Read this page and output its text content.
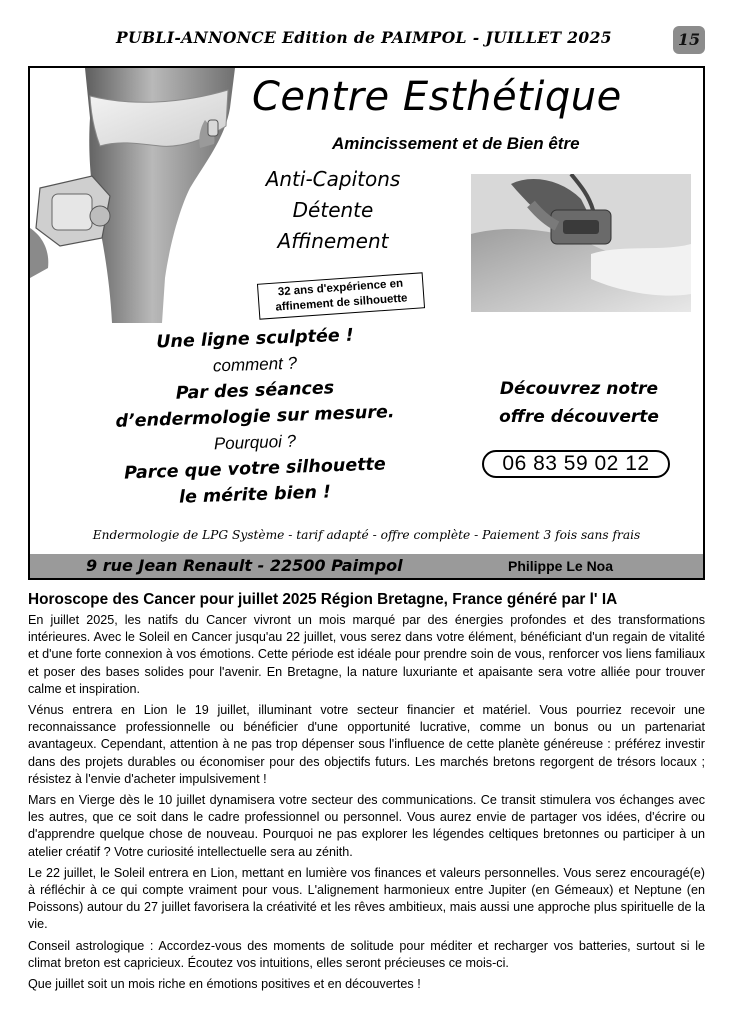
PUBLI-ANNONCE Edition de PAIMPOL - JUILLET 2025	15
Centre Esthétique
Amincissement et de Bien être
Anti-Capitons
Détente
Affinement
32 ans d'expérience en
affinement de silhouette
Une ligne sculptée !
comment ?
Par des séances
d’endermologie sur mesure.
Pourquoi ?
Parce que votre silhouette
le mérite bien !
Découvrez notre
offre découverte
06 83 59 02 12
Endermologie de LPG Système - tarif adapté - offre complète - Paiement 3 fois sans frais
9 rue Jean Renault - 22500 Paimpol	Philippe Le Noa
Horoscope des Cancer pour juillet 2025 Région Bretagne, France généré par l' IA

En juillet 2025, les natifs du Cancer vivront un mois marqué par des énergies profondes et des transformations intérieures. Avec le Soleil en Cancer jusqu'au 22 juillet, vous serez dans votre élément, bénéficiant d'un regain de vitalité et d'une forte connexion à vos émotions. Cette période est idéale pour prendre soin de vous, renforcer vos liens familiaux et poser des bases solides pour l'avenir. En Bretagne, la nature luxuriante et apaisante sera votre alliée pour trouver calme et inspiration.

Vénus entrera en Lion le 19 juillet, illuminant votre secteur financier et matériel. Vous pourriez recevoir une reconnaissance professionnelle ou bénéficier d'une opportunité lucrative, comme un bonus ou un partenariat avantageux. Cependant, attention à ne pas trop dépenser sous l'influence de cette planète généreuse : préférez investir dans des projets durables ou économiser pour des objectifs futurs. Les marchés bretons regorgent de trésors locaux ; résistez à l'envie d'acheter impulsivement !

Mars en Vierge dès le 10 juillet dynamisera votre secteur des communications. Ce transit stimulera vos échanges avec les autres, que ce soit dans le cadre professionnel ou personnel. Vous aurez envie de partager vos idées, d'écrire ou d'apprendre quelque chose de nouveau. Pourquoi ne pas explorer les légendes celtiques bretonnes ou participer à un atelier créatif ? Votre curiosité intellectuelle sera au zénith.

Le 22 juillet, le Soleil entrera en Lion, mettant en lumière vos finances et valeurs personnelles. Vous serez encouragé(e) à réfléchir à ce qui compte vraiment pour vous. L'alignement harmonieux entre Jupiter (en Gémeaux) et Neptune (en Poissons) autour du 27 juillet favorisera la créativité et les rêves ambitieux, mais aussi une approche plus spirituelle de la vie.

Conseil astrologique : Accordez-vous des moments de solitude pour méditer et recharger vos batteries, surtout si le climat breton est capricieux. Écoutez vos intuitions, elles seront précieuses ce mois-ci.

Que juillet soit un mois riche en émotions positives et en découvertes !
